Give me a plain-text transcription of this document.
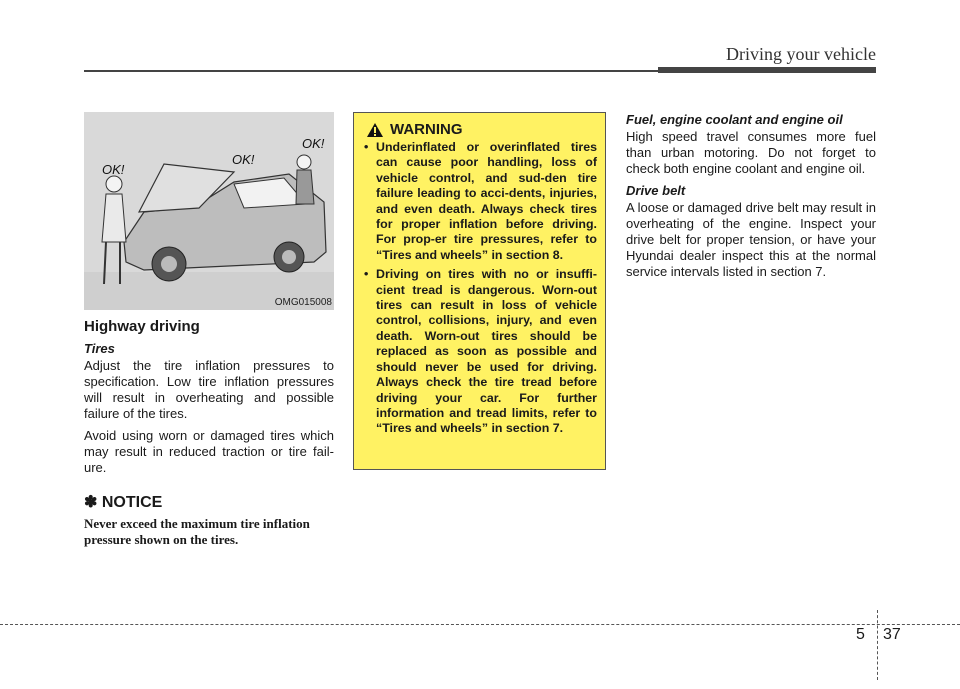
Driving your vehicle
OK!
OK!
OK!
OMG015008
Highway driving
Tires

Adjust the tire inflation pressures to specification. Low tire inflation pressures will result in overheating and possible failure of the tires.

Avoid using worn or damaged tires which may result in reduced traction or tire fail-ure.

✽ NOTICE
Never exceed the maximum tire inflation pressure shown on the tires.
WARNING
• Underinflated or overinflated tires can cause poor handling, loss of vehicle control, and sud-den tire failure leading to acci-dents, injuries, and even death. Always check tires for proper inflation before driving. For prop-er tire pressures, refer to “Tires and wheels” in section 8.
• Driving on tires with no or insuffi-cient tread is dangerous. Worn-out tires can result in loss of vehicle control, collisions, injury, and even death. Worn-out tires should be replaced as soon as possible and should never be used for driving. Always check the tire tread before driving your car. For further information and tread limits, refer to “Tires and wheels” in section 7.
Fuel, engine coolant and engine oil

High speed travel consumes more fuel than urban motoring. Do not forget to check both engine coolant and engine oil.

Drive belt

A loose or damaged drive belt may result in overheating of the engine. Inspect your drive belt for proper tension, or have your Hyundai dealer inspect this at the normal service intervals listed in section 7.

5 37
